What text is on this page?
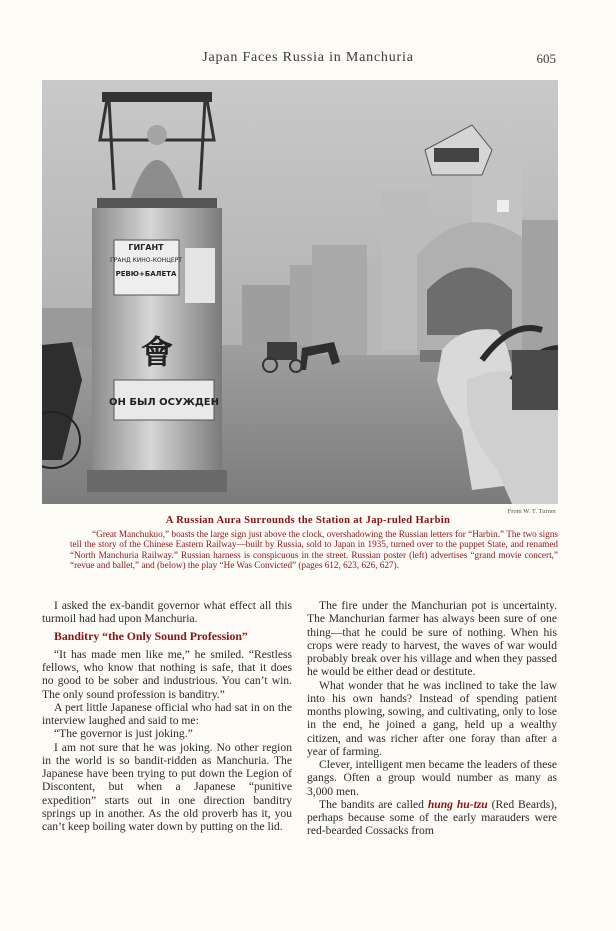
Japan Faces Russia in Manchuria	605
ГИГАНТ
ГРАНД КИНО-КОНЦЕРТ
РЕВЮ+БАЛЕТА
會
ОН БЫЛ ОСУЖДЕН
From W. T. Turner
A Russian Aura Surrounds the Station at Jap-ruled Harbin
“Great Manchukuo,” boasts the large sign just above the clock, overshadowing the Russian letters for “Harbin.” The two signs tell the story of the Chinese Eastern Railway—built by Russia, sold to Japan in 1935, turned over to the puppet State, and renamed “North Manchuria Railway.” Russian harness is conspicuous in the street. Russian poster (left) advertises “grand movie concert,” “revue and ballet,” and (below) the play “He Was Convicted” (pages 612, 623, 626, 627).

I asked the ex-bandit governor what effect all this turmoil had had upon Manchuria.

Banditry “the Only Sound Profession”

“It has made men like me,” he smiled. “Restless fellows, who know that nothing is safe, that it does no good to be sober and industrious. You can’t win. The only sound profession is banditry.”

A pert little Japanese official who had sat in on the interview laughed and said to me:

“The governor is just joking.”

I am not sure that he was joking. No other region in the world is so bandit-ridden as Manchuria. The Japanese have been trying to put down the Legion of Discontent, but when a Japanese “punitive expedition” starts out in one direction banditry springs up in another. As the old proverb has it, you can’t keep boiling water down by putting on the lid.

The fire under the Manchurian pot is uncertainty. The Manchurian farmer has always been sure of one thing—that he could be sure of nothing. When his crops were ready to harvest, the waves of war would probably break over his village and when they passed he would be either dead or destitute.

What wonder that he was inclined to take the law into his own hands? Instead of spending patient months plowing, sowing, and cultivating, only to lose in the end, he joined a gang, held up a wealthy citizen, and was richer after one foray than after a year of farming.

Clever, intelligent men became the leaders of these gangs. Often a group would number as many as 3,000 men.

The bandits are called hung hu-tzu (Red Beards), perhaps because some of the early marauders were red-bearded Cossacks from
